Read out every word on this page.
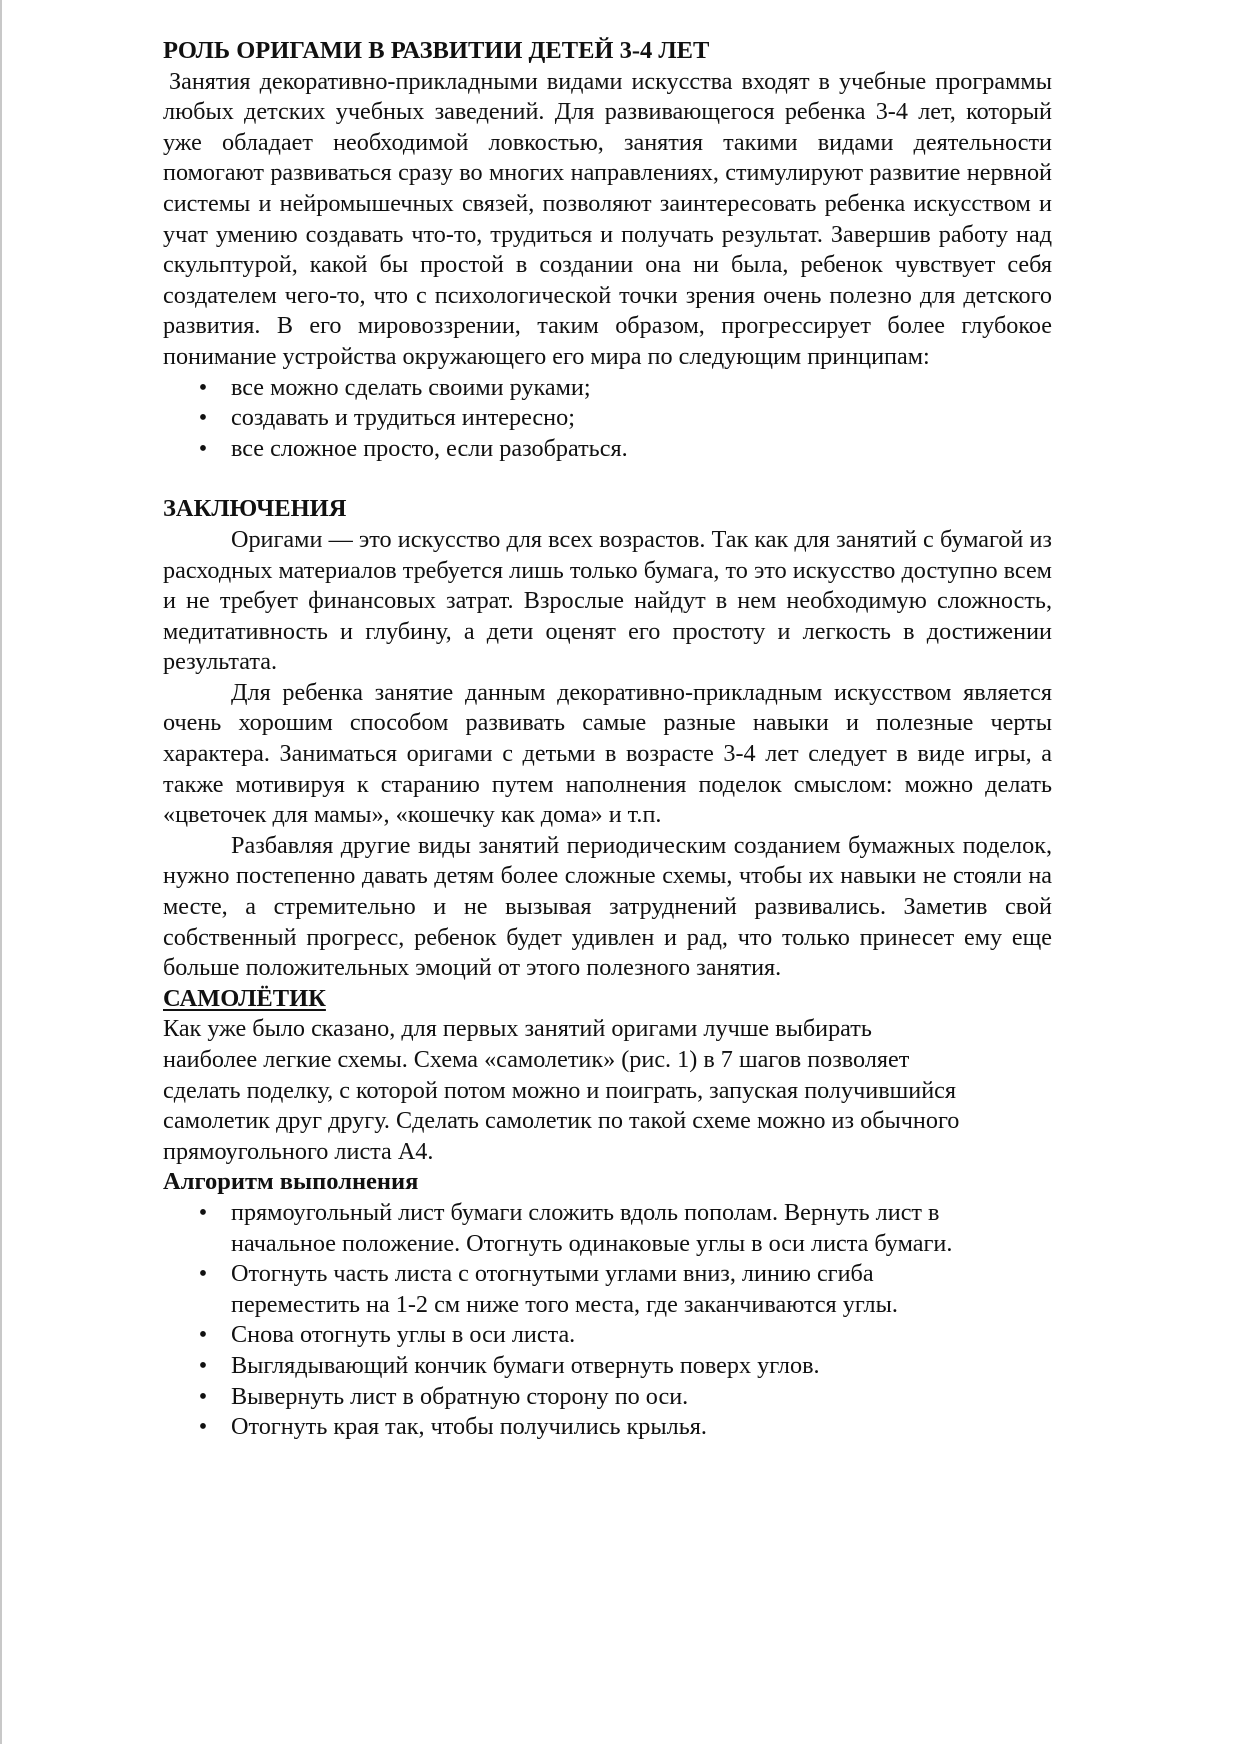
РОЛЬ ОРИГАМИ В РАЗВИТИИ ДЕТЕЙ 3-4 ЛЕТ

Занятия декоративно-прикладными видами искусства входят в учебные программы любых детских учебных заведений. Для развивающегося ребенка 3-4 лет, который уже обладает необходимой ловкостью, занятия такими видами деятельности помогают развиваться сразу во многих направлениях, стимулируют развитие нервной системы и нейромышечных связей, позволяют заинтересовать ребенка искусством и учат умению создавать что-то, трудиться и получать результат. Завершив работу над скульптурой, какой бы простой в создании она ни была, ребенок чувствует себя создателем чего-то, что с психологической точки зрения очень полезно для детского развития. В его мировоззрении, таким образом, прогрессирует более глубокое понимание устройства окружающего его мира по следующим принципам:

• все можно сделать своими руками;
• создавать и трудиться интересно;
• все сложное просто, если разобраться.
ЗАКЛЮЧЕНИЯ

Оригами — это искусство для всех возрастов. Так как для занятий с бумагой из расходных материалов требуется лишь только бумага, то это искусство доступно всем и не требует финансовых затрат. Взрослые найдут в нем необходимую сложность, медитативность и глубину, а дети оценят его простоту и легкость в достижении результата.

Для ребенка занятие данным декоративно-прикладным искусством является очень хорошим способом развивать самые разные навыки и полезные черты характера. Заниматься оригами с детьми в возрасте 3-4 лет следует в виде игры, а также мотивируя к старанию путем наполнения поделок смыслом: можно делать «цветочек для мамы», «кошечку как дома» и т.п.

Разбавляя другие виды занятий периодическим созданием бумажных поделок, нужно постепенно давать детям более сложные схемы, чтобы их навыки не стояли на месте, а стремительно и не вызывая затруднений развивались. Заметив свой собственный прогресс, ребенок будет удивлен и рад, что только принесет ему еще больше положительных эмоций от этого полезного занятия.

САМОЛЁТИК

Как уже было сказано, для первых занятий оригами лучше выбирать

наиболее легкие схемы. Схема «самолетик» (рис. 1) в 7 шагов позволяет

сделать поделку, с которой потом можно и поиграть, запуская получившийся

самолетик друг другу. Сделать самолетик по такой схеме можно из обычного

прямоугольного листа А4.

Алгоритм выполнения
• прямоугольный лист бумаги сложить вдоль пополам. Вернуть лист в
начальное положение. Отогнуть одинаковые углы в оси листа бумаги.
• Отогнуть часть листа с отогнутыми углами вниз, линию сгиба
переместить на 1-2 см ниже того места, где заканчиваются углы.
• Снова отогнуть углы в оси листа.
• Выглядывающий кончик бумаги отвернуть поверх углов.
• Вывернуть лист в обратную сторону по оси.
• Отогнуть края так, чтобы получились крылья.
